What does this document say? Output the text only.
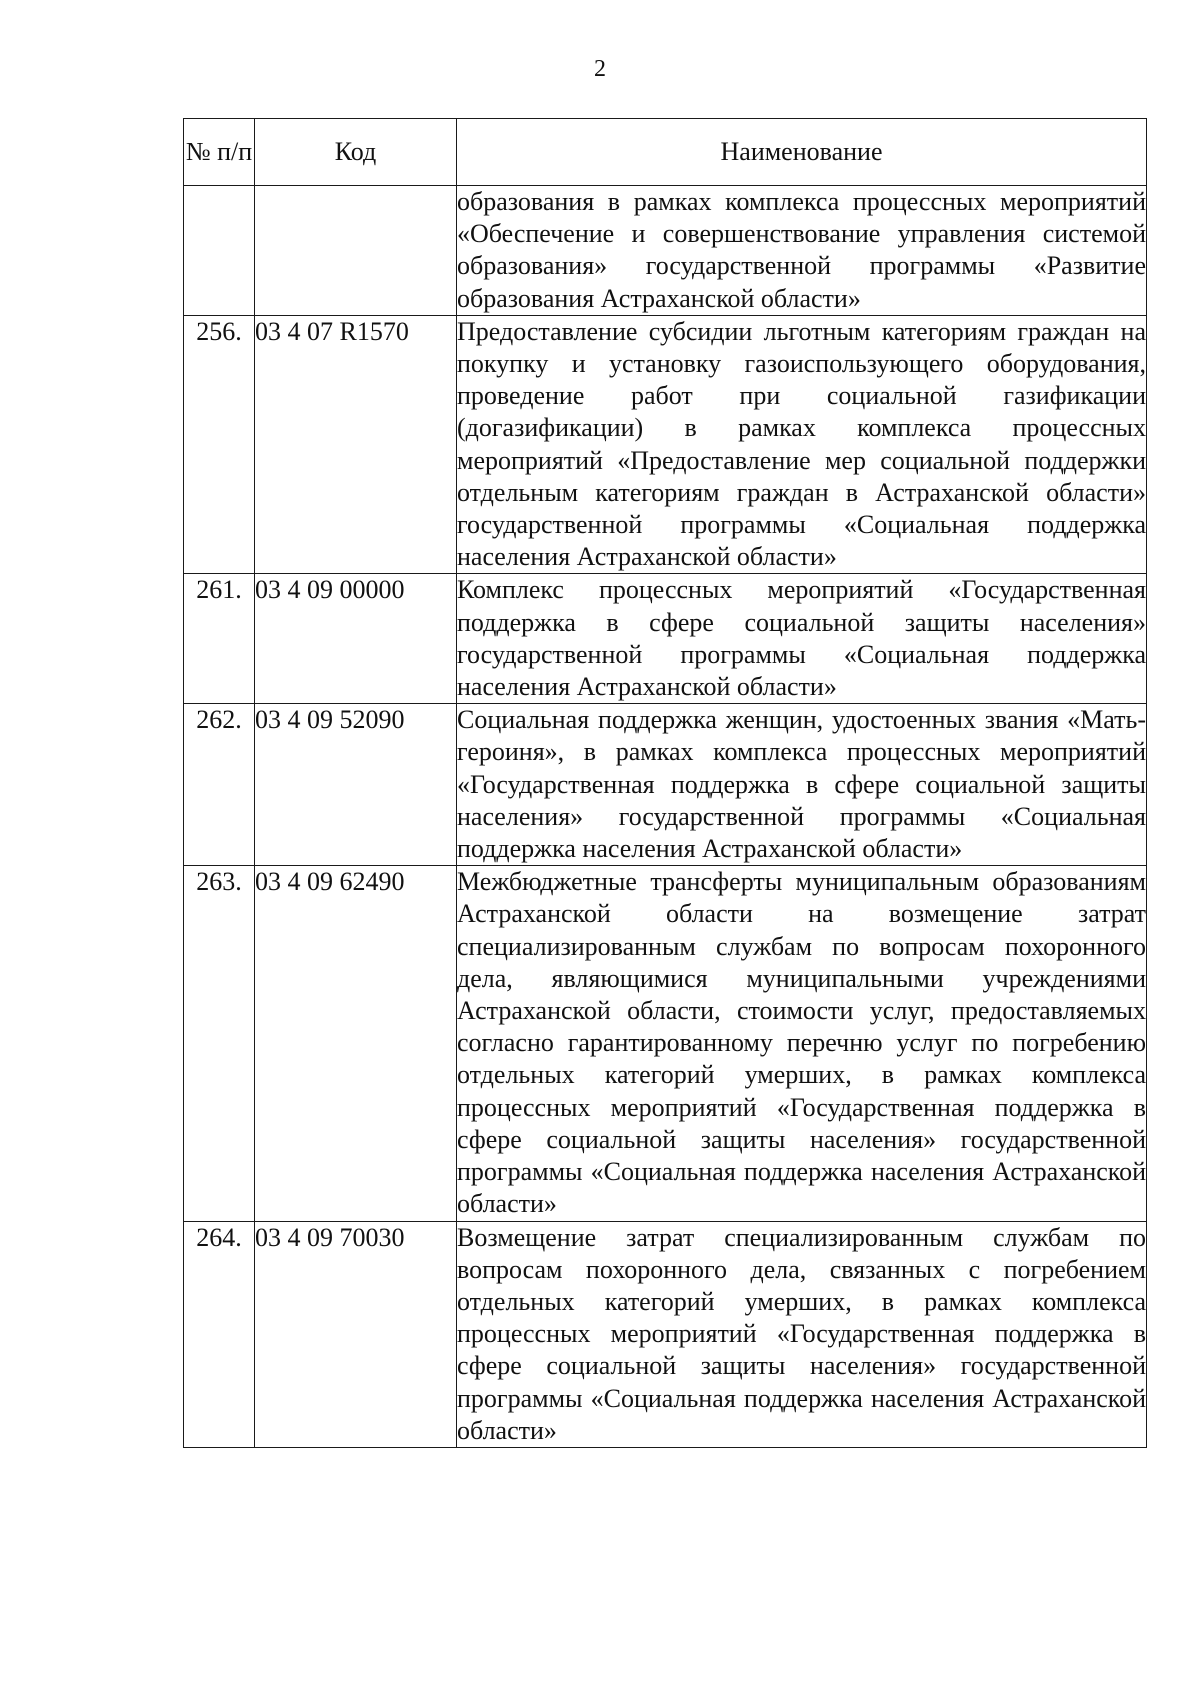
2
№ п/п	Код	Наименование
		образования в рамках комплекса процессных мероприятий «Обеспечение и совершенствование управления системой образования» государственной программы «Развитие образования Астраханской области»
256.	03 4 07 R1570	Предоставление субсидии льготным категориям граждан на покупку и установку газоиспользующего оборудования, проведение работ при социальной газификации (догазификации) в рамках комплекса процессных мероприятий «Предоставление мер социальной поддержки отдельным категориям граждан в Астраханской области» государственной программы «Социальная поддержка населения Астраханской области»
261.	03 4 09 00000	Комплекс процессных мероприятий «Государственная поддержка в сфере социальной защиты населения» государственной программы «Социальная поддержка населения Астраханской области»
262.	03 4 09 52090	Социальная поддержка женщин, удостоенных звания «Мать-героиня», в рамках комплекса процессных мероприятий «Государственная поддержка в сфере социальной защиты населения» государственной программы «Социальная поддержка населения Астраханской области»
263.	03 4 09 62490	Межбюджетные трансферты муниципальным образованиям Астраханской области на возмещение затрат специализированным службам по вопросам похоронного дела, являющимися муниципальными учреждениями Астраханской области, стоимости услуг, предоставляемых согласно гарантированному перечню услуг по погребению отдельных категорий умерших, в рамках комплекса процессных мероприятий «Государственная поддержка в сфере социальной защиты населения» государственной программы «Социальная поддержка населения Астраханской области»
264.	03 4 09 70030	Возмещение затрат специализированным службам по вопросам похоронного дела, связанных с погребением отдельных категорий умерших, в рамках комплекса процессных мероприятий «Государственная поддержка в сфере социальной защиты населения» государственной программы «Социальная поддержка населения Астраханской области»
